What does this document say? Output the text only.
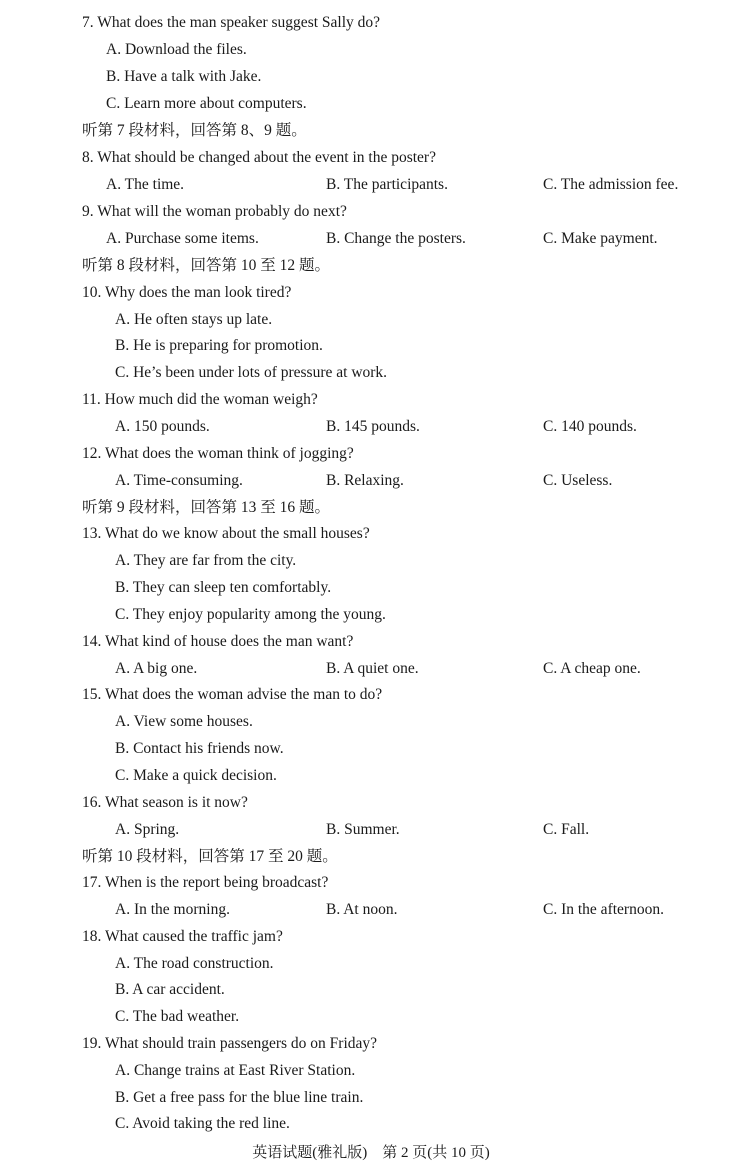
7. What does the man speaker suggest Sally do?
A. Download the files.
B. Have a talk with Jake.
C. Learn more about computers.
听第 7 段材料，回答第 8、9 题。
8. What should be changed about the event in the poster?
A. The time.	B. The participants.	C. The admission fee.
9. What will the woman probably do next?
A. Purchase some items.	B. Change the posters.	C. Make payment.
听第 8 段材料，回答第 10 至 12 题。
10. Why does the man look tired?
A. He often stays up late.
B. He is preparing for promotion.
C. He’s been under lots of pressure at work.
11. How much did the woman weigh?
A. 150 pounds.	B. 145 pounds.	C. 140 pounds.
12. What does the woman think of jogging?
A. Time-consuming.	B. Relaxing.	C. Useless.
听第 9 段材料，回答第 13 至 16 题。
13. What do we know about the small houses?
A. They are far from the city.
B. They can sleep ten comfortably.
C. They enjoy popularity among the young.
14. What kind of house does the man want?
A. A big one.	B. A quiet one.	C. A cheap one.
15. What does the woman advise the man to do?
A. View some houses.
B. Contact his friends now.
C. Make a quick decision.
16. What season is it now?
A. Spring.	B. Summer.	C. Fall.
听第 10 段材料，回答第 17 至 20 题。
17. When is the report being broadcast?
A. In the morning.	B. At noon.	C. In the afternoon.
18. What caused the traffic jam?
A. The road construction.
B. A car accident.
C. The bad weather.
19. What should train passengers do on Friday?
A. Change trains at East River Station.
B. Get a free pass for the blue line train.
C. Avoid taking the red line.
英语试题(雅礼版)　第 2 页(共 10 页)
